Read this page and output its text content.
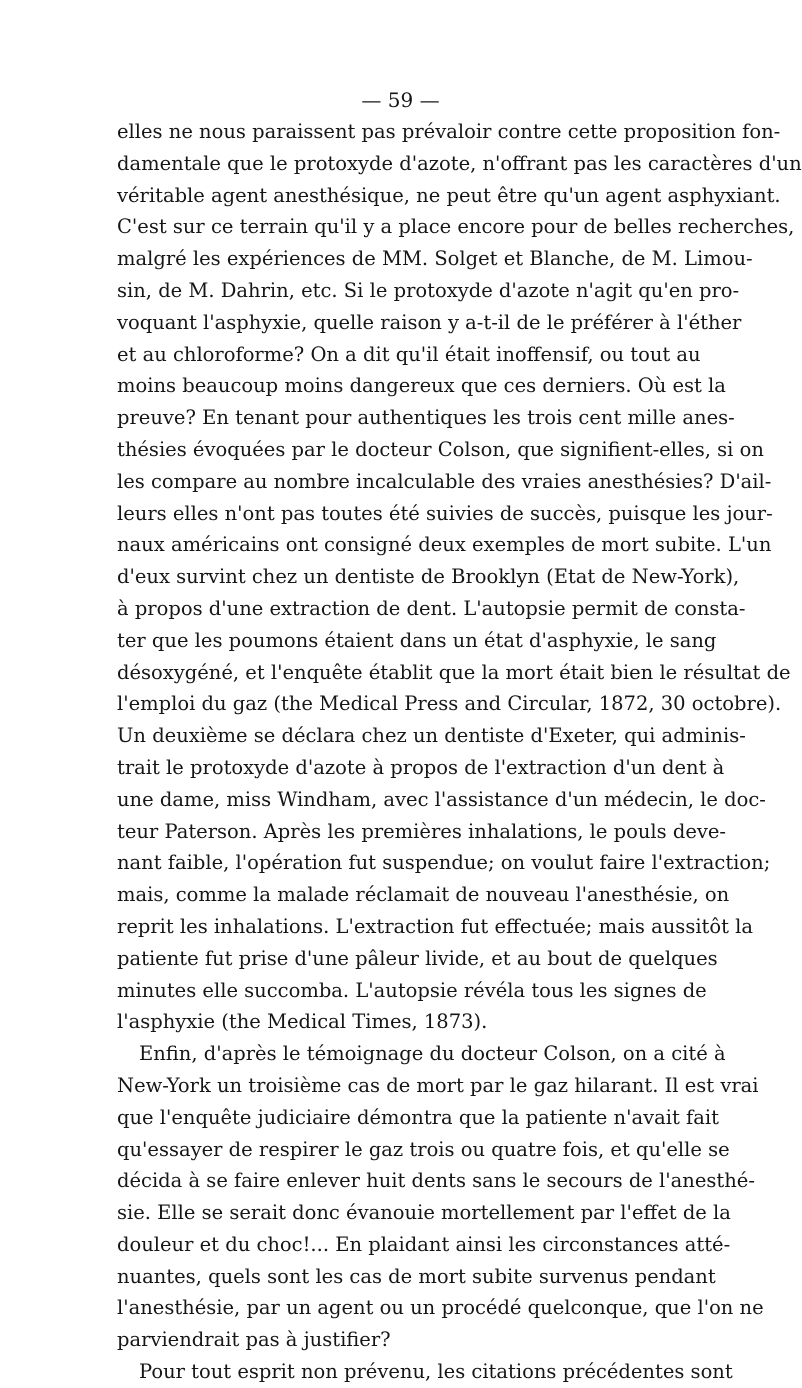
— 59 —
elles ne nous paraissent pas prévaloir contre cette proposition fon-
damentale que le protoxyde d'azote, n'offrant pas les caractères d'un
véritable agent anesthésique, ne peut être qu'un agent asphyxiant.
C'est sur ce terrain qu'il y a place encore pour de belles recherches,
malgré les expériences de MM. Solget et Blanche, de M. Limou-
sin, de M. Dahrin, etc. Si le protoxyde d'azote n'agit qu'en pro-
voquant l'asphyxie, quelle raison y a-t-il de le préférer à l'éther
et au chloroforme? On a dit qu'il était inoffensif, ou tout au
moins beaucoup moins dangereux que ces derniers. Où est la
preuve? En tenant pour authentiques les trois cent mille anes-
thésies évoquées par le docteur Colson, que signifient-elles, si on
les compare au nombre incalculable des vraies anesthésies? D'ail-
leurs elles n'ont pas toutes été suivies de succès, puisque les jour-
naux américains ont consigné deux exemples de mort subite. L'un
d'eux survint chez un dentiste de Brooklyn (Etat de New-York),
à propos d'une extraction de dent. L'autopsie permit de consta-
ter que les poumons étaient dans un état d'asphyxie, le sang
désoxygéné, et l'enquête établit que la mort était bien le résultat de
l'emploi du gaz (the Medical Press and Circular, 1872, 30 octobre).
Un deuxième se déclara chez un dentiste d'Exeter, qui adminis-
trait le protoxyde d'azote à propos de l'extraction d'un dent à
une dame, miss Windham, avec l'assistance d'un médecin, le doc-
teur Paterson. Après les premières inhalations, le pouls deve-
nant faible, l'opération fut suspendue; on voulut faire l'extraction;
mais, comme la malade réclamait de nouveau l'anesthésie, on
reprit les inhalations. L'extraction fut effectuée; mais aussitôt la
patiente fut prise d'une pâleur livide, et au bout de quelques
minutes elle succomba. L'autopsie révéla tous les signes de
l'asphyxie (the Medical Times, 1873).
Enfin, d'après le témoignage du docteur Colson, on a cité à
New-York un troisième cas de mort par le gaz hilarant. Il est vrai
que l'enquête judiciaire démontra que la patiente n'avait fait
qu'essayer de respirer le gaz trois ou quatre fois, et qu'elle se
décida à se faire enlever huit dents sans le secours de l'anesthé-
sie. Elle se serait donc évanouie mortellement par l'effet de la
douleur et du choc!... En plaidant ainsi les circonstances atté-
nuantes, quels sont les cas de mort subite survenus pendant
l'anesthésie, par un agent ou un procédé quelconque, que l'on ne
parviendrait pas à justifier?
Pour tout esprit non prévenu, les citations précédentes sont
